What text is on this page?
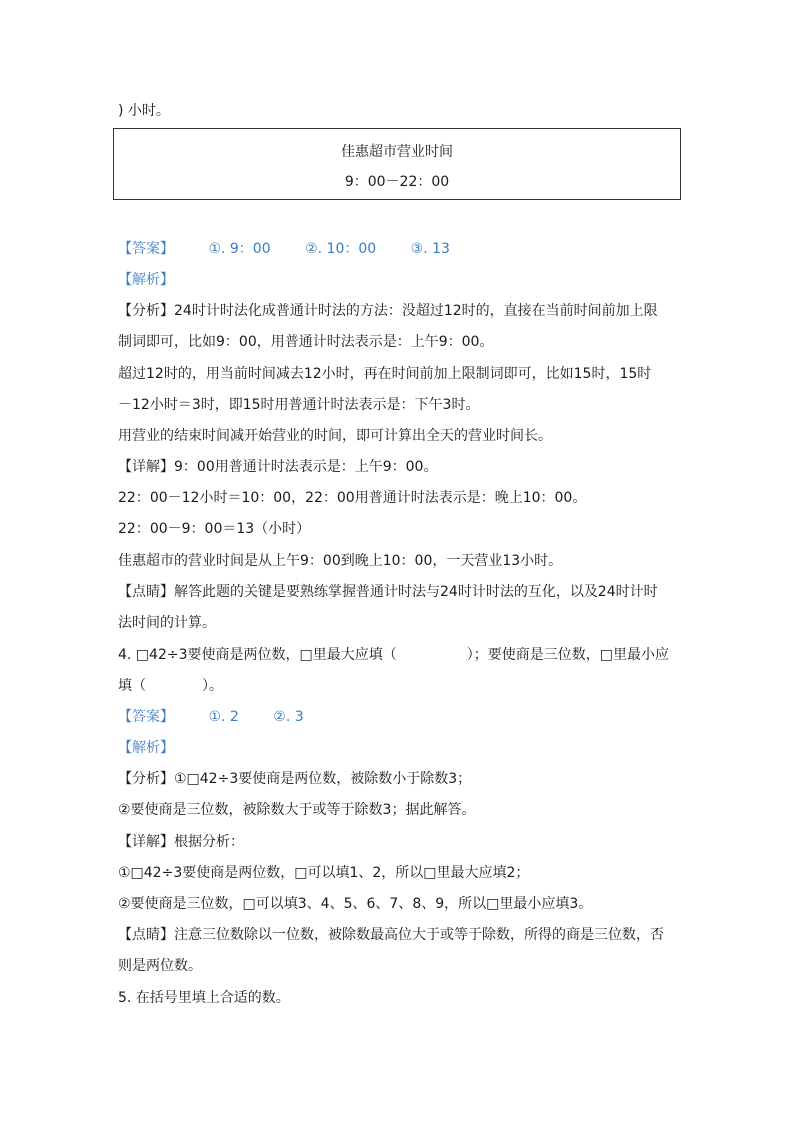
) 小时。
佳惠超市营业时间
9：00－22：00
【答案】 ①. 9：00 ②. 10：00 ③. 13
【解析】
【分析】24时计时法化成普通计时法的方法：没超过12时的，直接在当前时间前加上限
制词即可，比如9：00，用普通计时法表示是：上午9：00。
超过12时的，用当前时间减去12小时，再在时间前加上限制词即可，比如15时，15时
－12小时＝3时，即15时用普通计时法表示是：下午3时。
用营业的结束时间减开始营业的时间，即可计算出全天的营业时间长。
【详解】9：00用普通计时法表示是：上午9：00。
22：00－12小时＝10：00，22：00用普通计时法表示是：晚上10：00。
22：00－9：00＝13（小时）
佳惠超市的营业时间是从上午9：00到晚上10：00，一天营业13小时。
【点睛】解答此题的关键是要熟练掌握普通计时法与24时计时法的互化，以及24时计时
法时间的计算。
4. □42÷3要使商是两位数，□里最大应填（　　　　　）；要使商是三位数，□里最小应
填（　　　　）。
【答案】 ①. 2 ②. 3
【解析】
【分析】①□42÷3要使商是两位数，被除数小于除数3；
②要使商是三位数，被除数大于或等于除数3；据此解答。
【详解】根据分析：
①□42÷3要使商是两位数，□可以填1、2，所以□里最大应填2；
②要使商是三位数，□可以填3、4、5、6、7、8、9，所以□里最小应填3。
【点睛】注意三位数除以一位数，被除数最高位大于或等于除数，所得的商是三位数，否
则是两位数。
5. 在括号里填上合适的数。
